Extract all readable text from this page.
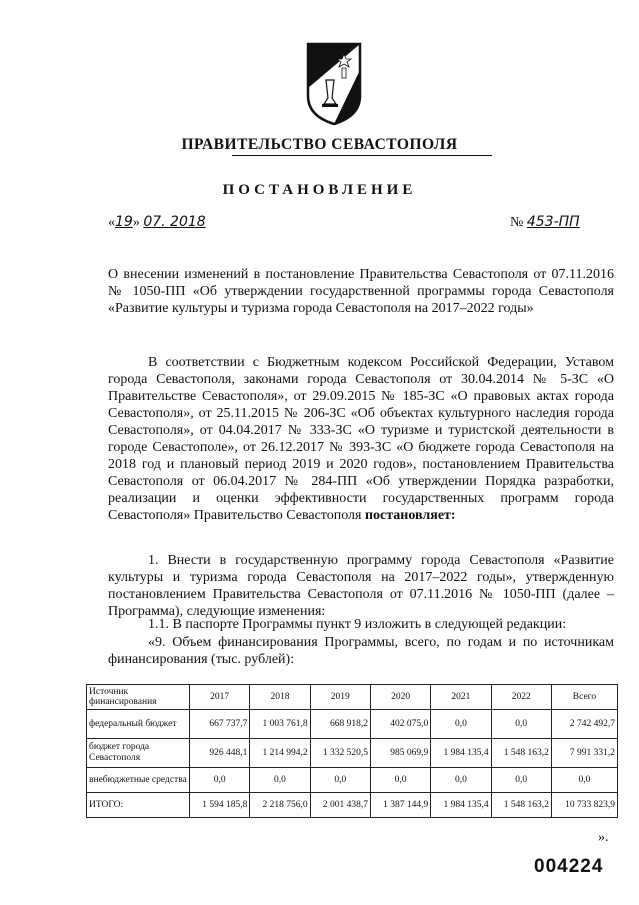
ПРАВИТЕЛЬСТВО СЕВАСТОПОЛЯ
ПОСТАНОВЛЕНИЕ
«19» 07. 2018	№ 453-ПП

О внесении изменений в постановление Правительства Севастополя от 07.11.2016 № 1050-ПП «Об утверждении государственной программы города Севастополя «Развитие культуры и туризма города Севастополя на 2017–2022 годы»

В соответствии с Бюджетным кодексом Российской Федерации, Уставом города Севастополя, законами города Севастополя от 30.04.2014 № 5-ЗС «О Правительстве Севастополя», от 29.09.2015 № 185-ЗС «О правовых актах города Севастополя», от 25.11.2015 № 206-ЗС «Об объектах культурного наследия города Севастополя», от 04.04.2017 № 333-ЗС «О туризме и туристской деятельности в городе Севастополе», от 26.12.2017 № 393-ЗС «О бюджете города Севастополя на 2018 год и плановый период 2019 и 2020 годов», постановлением Правительства Севастополя от 06.04.2017 № 284-ПП «Об утверждении Порядка разработки, реализации и оценки эффективности государственных программ города Севастополя» Правительство Севастополя постановляет:

1. Внести в государственную программу города Севастополя «Развитие культуры и туризма города Севастополя на 2017–2022 годы», утвержденную постановлением Правительства Севастополя от 07.11.2016 № 1050-ПП (далее – Программа), следующие изменения:

1.1. В паспорте Программы пункт 9 изложить в следующей редакции:

«9. Объем финансирования Программы, всего, по годам и по источникам финансирования (тыс. рублей):

Источник финансирования	2017	2018	2019	2020	2021	2022	Всего
федеральный бюджет	667 737,7	1 003 761,8	668 918,2	402 075,0	0,0	0,0	2 742 492,7
бюджет города Севастополя	926 448,1	1 214 994,2	1 332 520,5	985 069,9	1 984 135,4	1 548 163,2	7 991 331,2
внебюджетные средства	0,0	0,0	0,0	0,0	0,0	0,0	0,0
ИТОГО:	1 594 185,8	2 218 756,0	2 001 438,7	1 387 144,9	1 984 135,4	1 548 163,2	10 733 823,9
».
004224
